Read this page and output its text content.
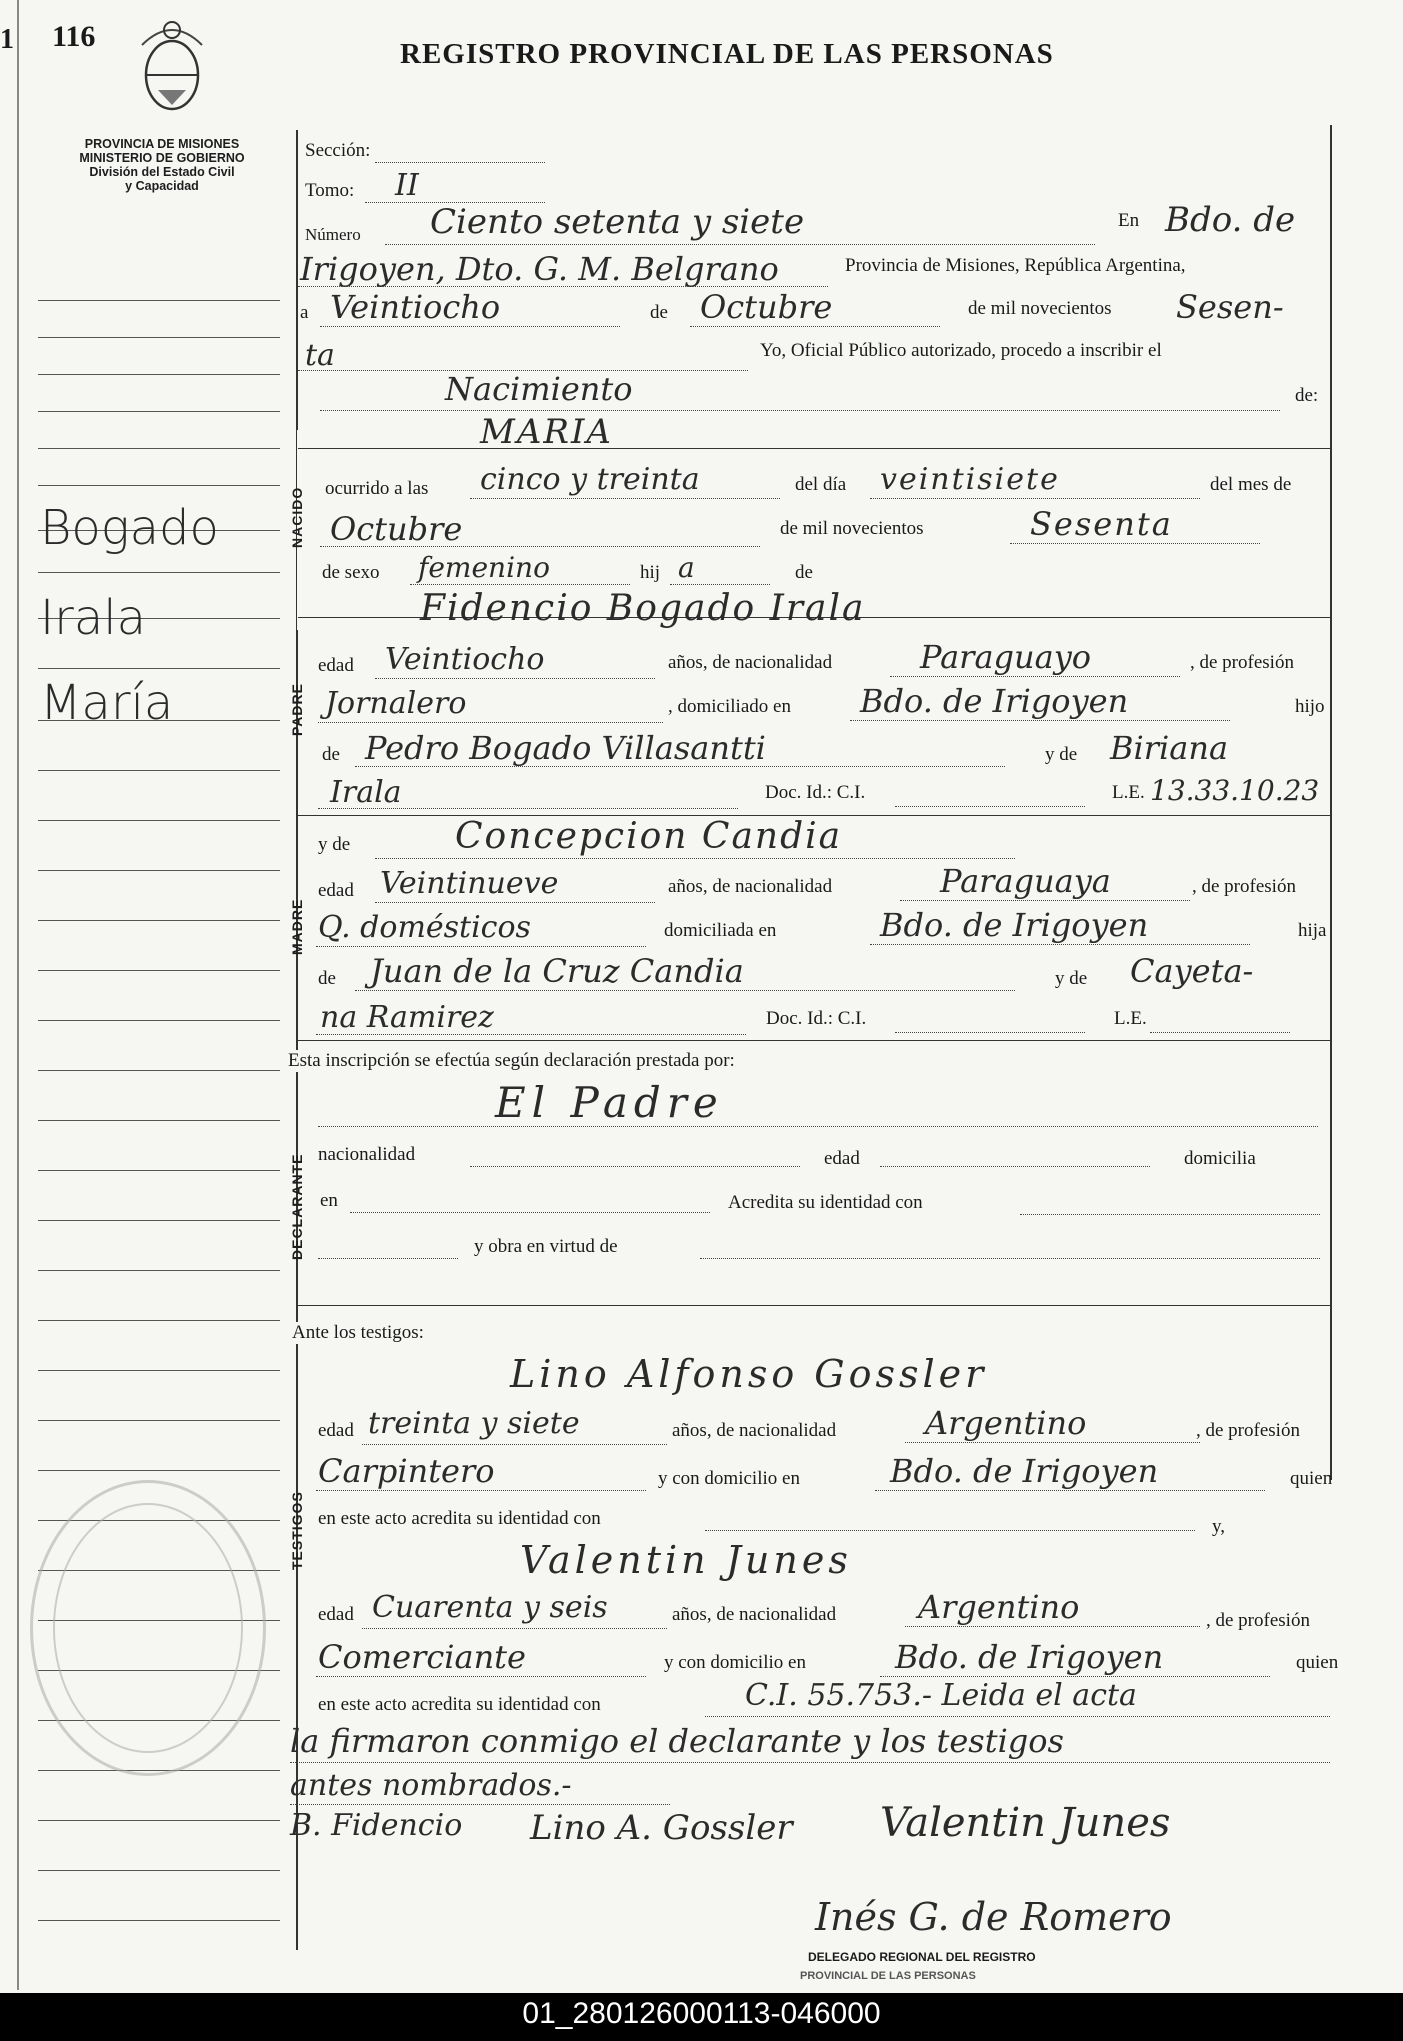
1 116
PROVINCIA DE MISIONES
MINISTERIO DE GOBIERNO
División del Estado Civil
y Capacidad
REGISTRO PROVINCIAL DE LAS PERSONAS
Bogado
Irala
María
NACIDO
PADRE
MADRE
DECLARANTE
TESTIGOS
Sección:
Tomo: II
Número Ciento setenta y siete	En Bdo. de
Irigoyen, Dto. G. M. Belgrano	Provincia de Misiones, República Argentina,
a Veintiocho	de Octubre	de mil novecientos Sesen-
ta	Yo, Oficial Público autorizado, procedo a inscribir el
Nacimiento	de:
MARIA
ocurrido a las cinco y treinta	del día veintisiete	del mes de
Octubre	de mil novecientos	Sesenta
de sexo femenino	hij a	de
Fidencio Bogado Irala
edad Veintiocho	años, de nacionalidad	Paraguayo	, de profesión
Jornalero	, domiciliado en Bdo. de Irigoyen	hijo
de Pedro Bogado Villasantti	y de Biriana
Irala	Doc. Id.: C.I.	L.E. 13.33.10.23
y de	Concepcion Candia
edad Veintinueve	años, de nacionalidad	Paraguaya	, de profesión
Q. domésticos	domiciliada en	Bdo. de Irigoyen	hija
de Juan de la Cruz Candia	y de Cayeta-
na Ramirez	Doc. Id.: C.I.	L.E.
Esta inscripción se efectúa según declaración prestada por:
El Padre
nacionalidad	edad	domicilia
en	Acredita su identidad con
y obra en virtud de
Ante los testigos:
Lino Alfonso Gossler
edad treinta y siete	años, de nacionalidad	Argentino	, de profesión
Carpintero	y con domicilio en	Bdo. de Irigoyen	quien
en este acto acredita su identidad con	y,
Valentin Junes
edad Cuarenta y seis	años, de nacionalidad	Argentino	, de profesión
Comerciante	y con domicilio en	Bdo. de Irigoyen	quien
en este acto acredita su identidad con	C.I. 55.753.- Leida el acta
la firmaron conmigo el declarante y los testigos
antes nombrados.-
B. Fidencio Lino A. Gossler Valentin Junes
Inés G. de Romero
DELEGADO REGIONAL DEL REGISTRO
PROVINCIAL DE LAS PERSONAS
01_280126000113-046000
